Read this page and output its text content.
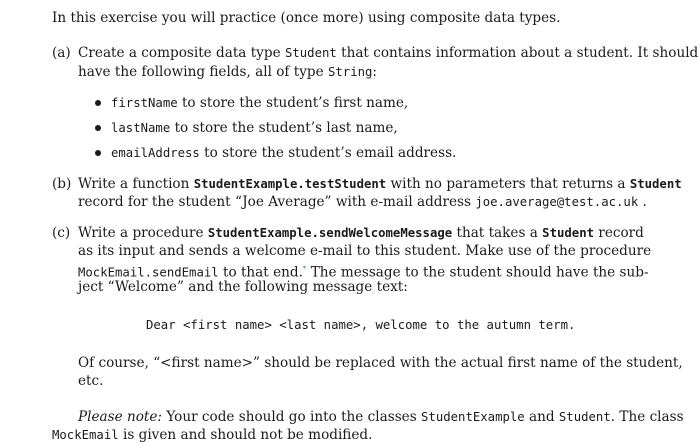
In this exercise you will practice (once more) using composite data types.
(a) Create a composite data type Student that contains information about a student. It should
have the following fields, all of type String:
firstName to store the student’s first name,
lastName to store the student’s last name,
emailAddress to store the student’s email address.
(b) Write a function StudentExample.testStudent with no parameters that returns a Student
record for the student “Joe Average” with e-mail address joe.average@test.ac.uk .
(c) Write a procedure StudentExample.sendWelcomeMessage that takes a Student record
as its input and sends a welcome e-mail to this student. Make use of the procedure
MockEmail.sendEmail to that end.* The message to the student should have the sub-
ject “Welcome” and the following message text:
Dear <first name> <last name>, welcome to the autumn term.
Of course, “<first name>” should be replaced with the actual first name of the student,
etc.
Please note: Your code should go into the classes StudentExample and Student. The class
MockEmail is given and should not be modified.
